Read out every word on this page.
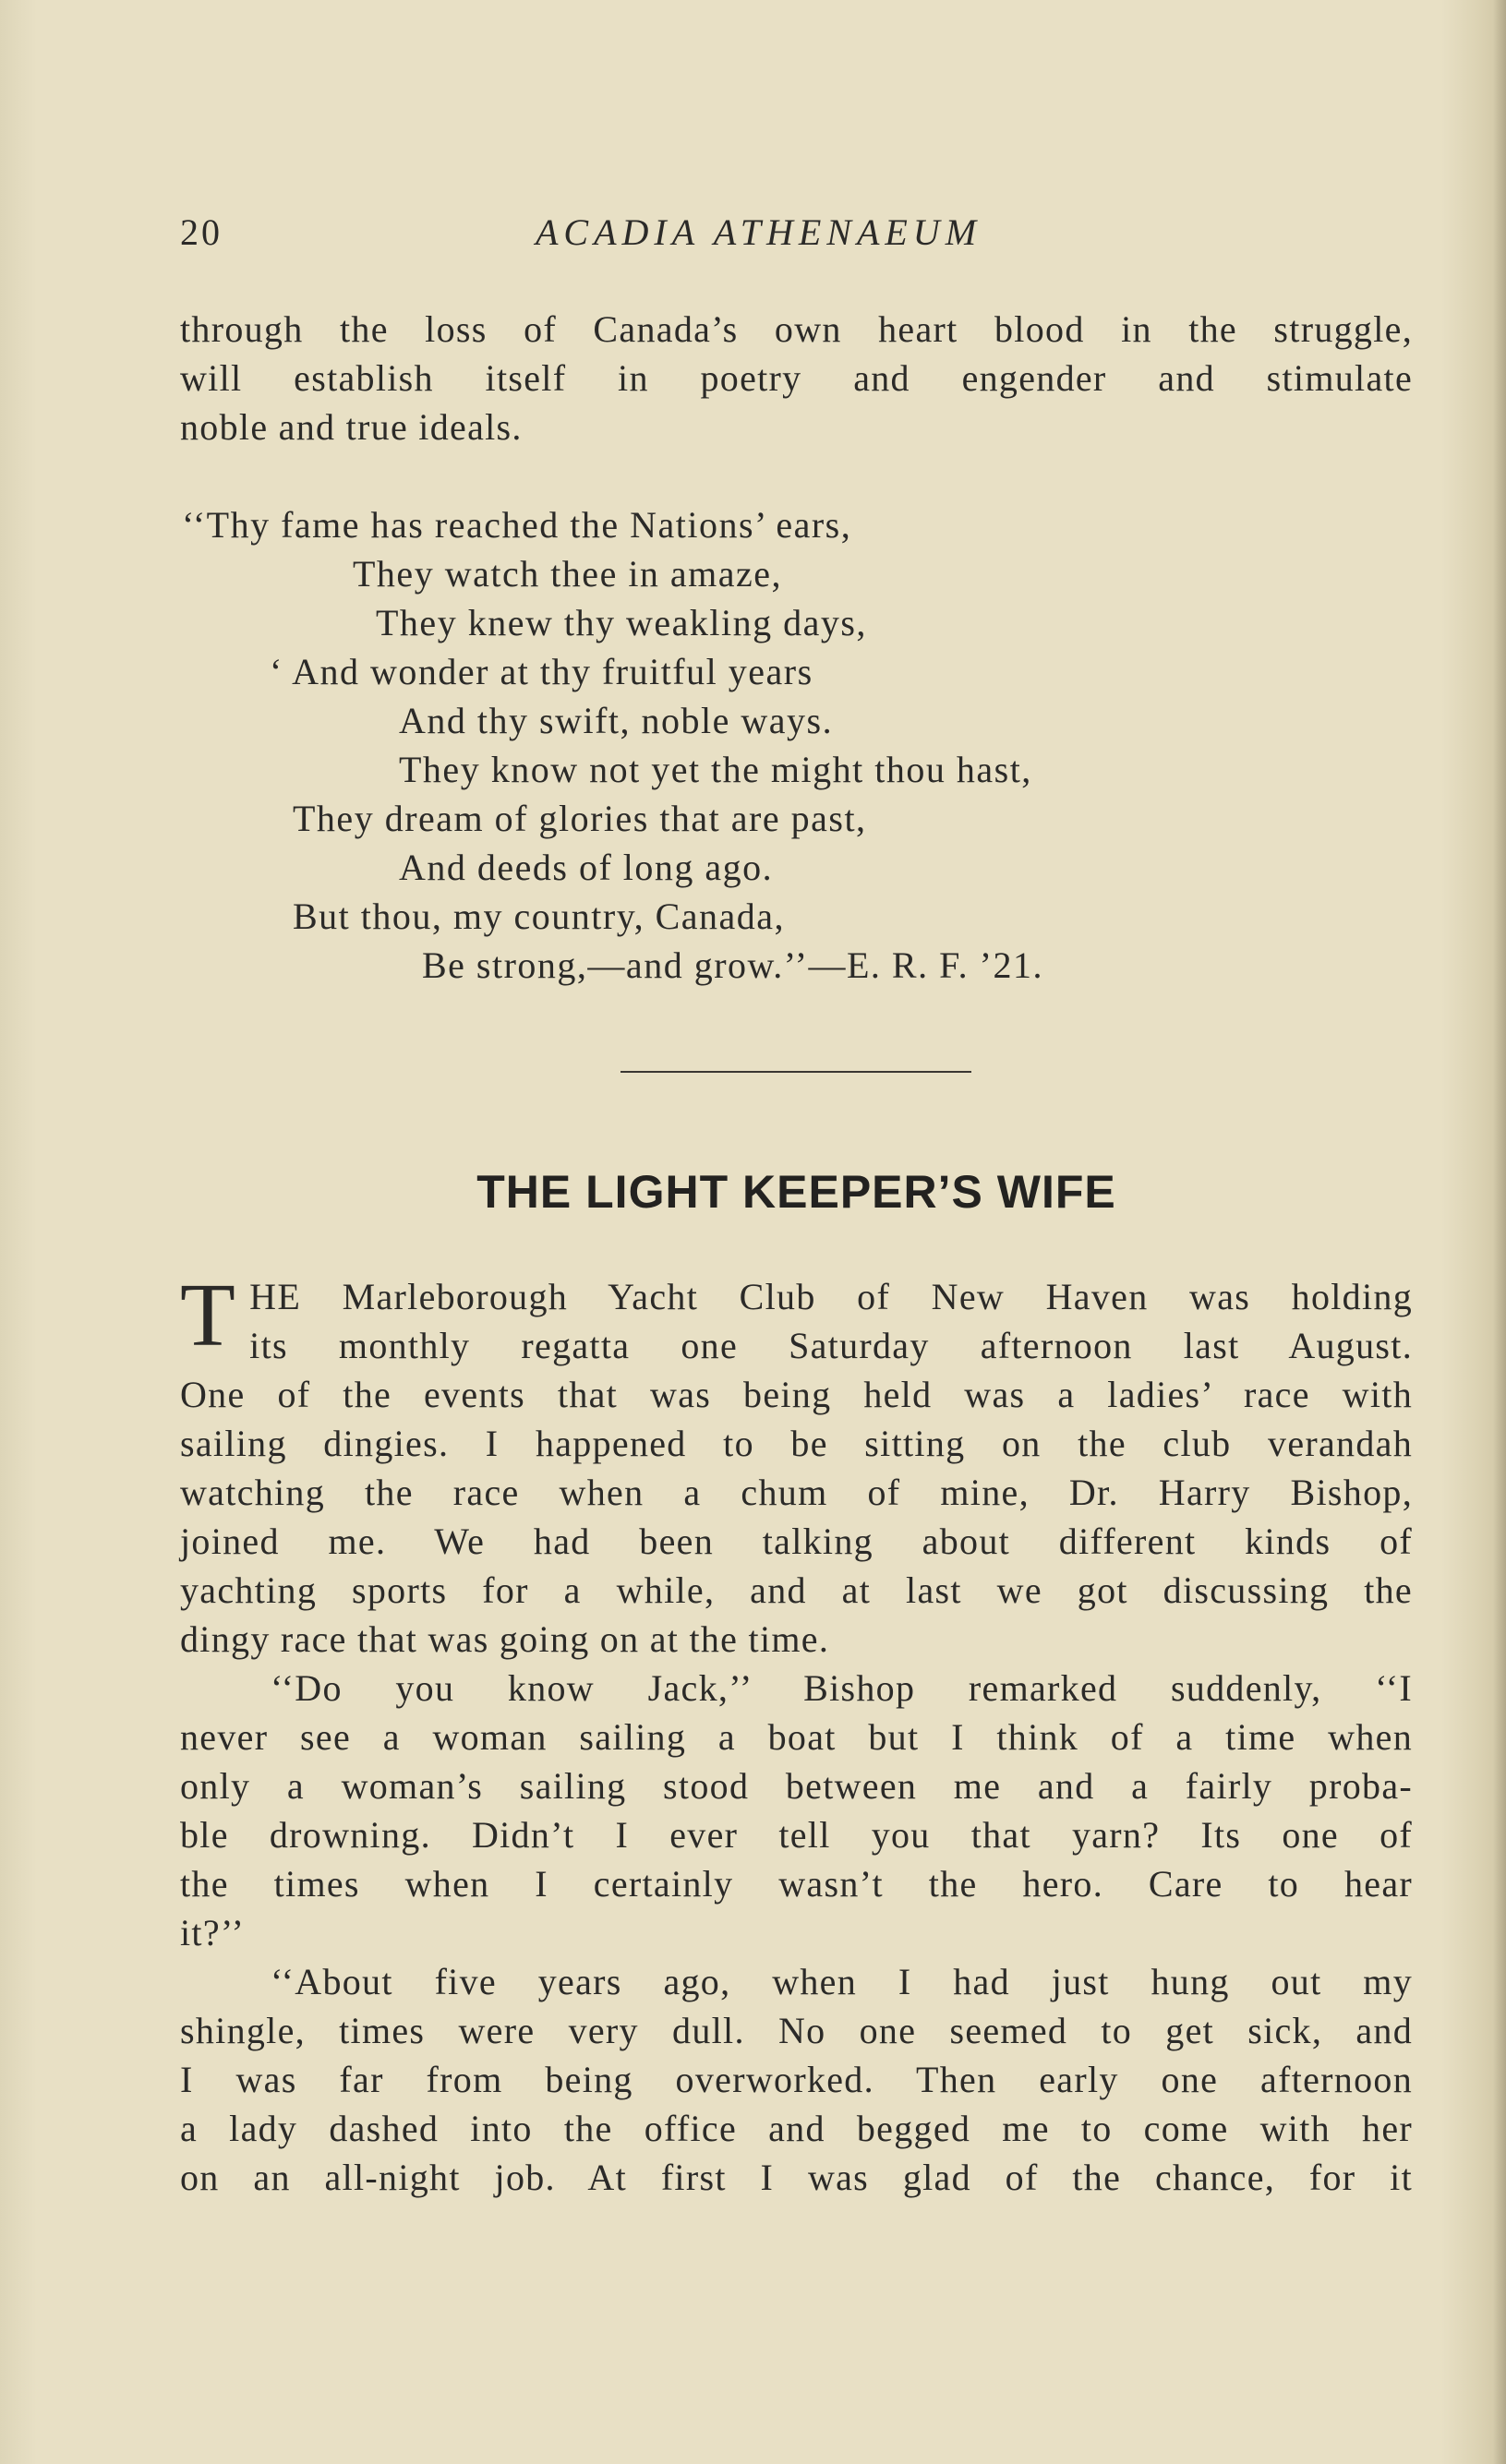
20	ACADIA ATHENAEUM
through the loss of Canada’s own heart blood in the struggle,
will establish itself in poetry and engender and stimulate
noble and true ideals.
‘‘Thy fame has reached the Nations’ ears,
They watch thee in amaze,
They knew thy weakling days,
‘ And wonder at thy fruitful years
And thy swift, noble ways.
They know not yet the might thou hast,
They dream of glories that are past,
And deeds of long ago.
But thou, my country, Canada,
Be strong,—and grow.’’—E. R. F. ’21.
THE LIGHT KEEPER’S WIFE
T HE Marleborough Yacht Club of New Haven was holding
its monthly regatta one Saturday afternoon last August.
One of the events that was being held was a ladies’ race with
sailing dingies. I happened to be sitting on the club verandah
watching the race when a chum of mine, Dr. Harry Bishop,
joined me. We had been talking about different kinds of
yachting sports for a while, and at last we got discussing the
dingy race that was going on at the time.
‘‘Do you know Jack,’’ Bishop remarked suddenly, ‘‘I
never see a woman sailing a boat but I think of a time when
only a woman’s sailing stood between me and a fairly proba-
ble drowning. Didn’t I ever tell you that yarn? Its one of
the times when I certainly wasn’t the hero. Care to hear
it?’’
‘‘About five years ago, when I had just hung out my
shingle, times were very dull. No one seemed to get sick, and
I was far from being overworked. Then early one afternoon
a lady dashed into the office and begged me to come with her
on an all-night job. At first I was glad of the chance, for it
